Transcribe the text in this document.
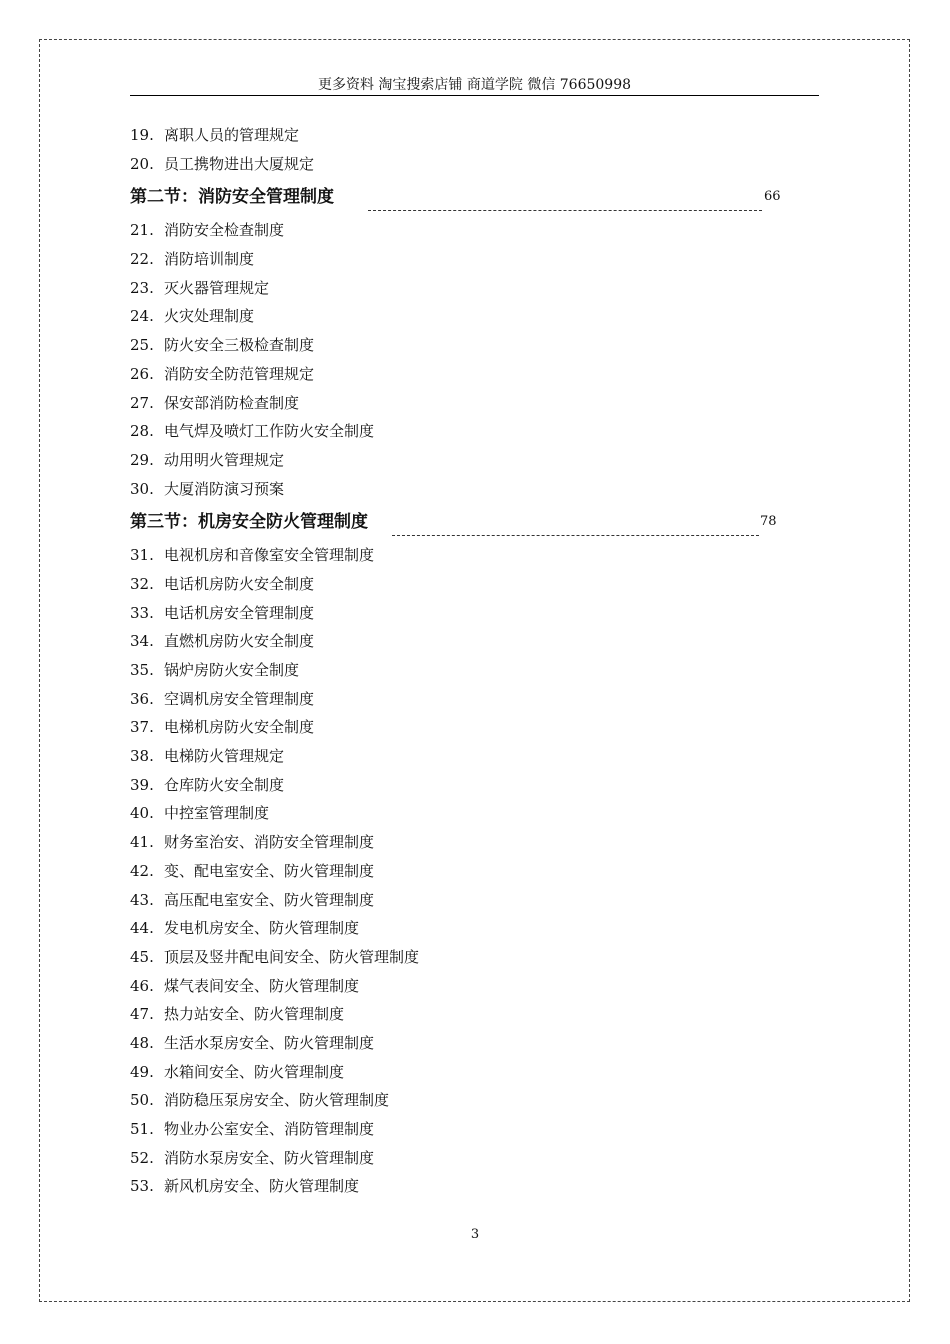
更多资料 淘宝搜索店铺 商道学院 微信 76650998
19. 离职人员的管理规定
20. 员工携物进出大厦规定
第二节：消防安全管理制度	66
21. 消防安全检查制度
22. 消防培训制度
23. 灭火器管理规定
24. 火灾处理制度
25. 防火安全三极检查制度
26. 消防安全防范管理规定
27. 保安部消防检查制度
28. 电气焊及喷灯工作防火安全制度
29. 动用明火管理规定
30. 大厦消防演习预案
第三节：机房安全防火管理制度	78
31. 电视机房和音像室安全管理制度
32. 电话机房防火安全制度
33. 电话机房安全管理制度
34. 直燃机房防火安全制度
35. 锅炉房防火安全制度
36. 空调机房安全管理制度
37. 电梯机房防火安全制度
38. 电梯防火管理规定
39. 仓库防火安全制度
40. 中控室管理制度
41. 财务室治安、消防安全管理制度
42. 变、配电室安全、防火管理制度
43. 高压配电室安全、防火管理制度
44. 发电机房安全、防火管理制度
45. 顶层及竖井配电间安全、防火管理制度
46. 煤气表间安全、防火管理制度
47. 热力站安全、防火管理制度
48. 生活水泵房安全、防火管理制度
49. 水箱间安全、防火管理制度
50. 消防稳压泵房安全、防火管理制度
51. 物业办公室安全、消防管理制度
52. 消防水泵房安全、防火管理制度
53. 新风机房安全、防火管理制度
3
